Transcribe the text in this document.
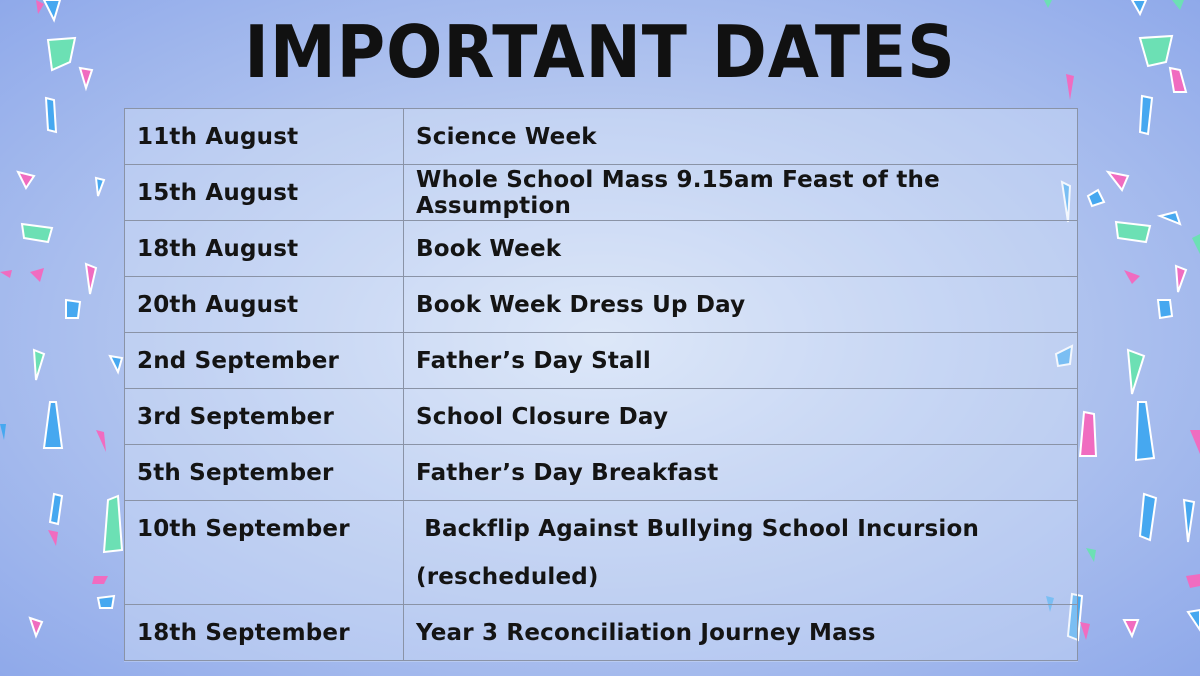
IMPORTANT DATES
11th August	Science Week
15th August	Whole School Mass 9.15am Feast of the Assumption
18th August	Book Week
20th August	Book Week Dress Up Day
2nd September	Father’s Day Stall
3rd September	School Closure Day
5th September	Father’s Day Breakfast
10th September	Backflip Against Bullying School Incursion (rescheduled)
18th September	Year 3 Reconciliation Journey Mass
